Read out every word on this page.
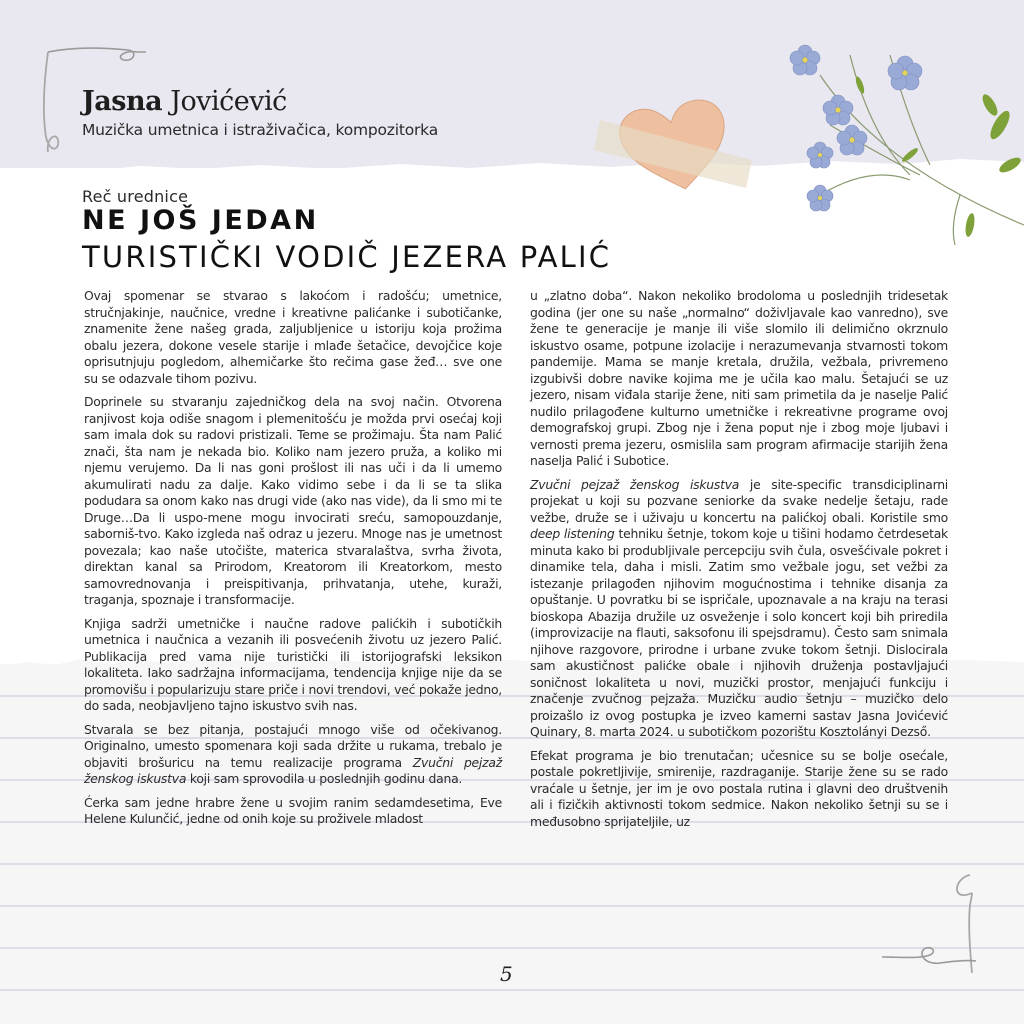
Jasna Jovićević
Muzička umetnica i istraživačica, kompozitorka
Reč urednice
NE JOŠ JEDAN
TURISTIČKI VODIČ JEZERA PALIĆ

Ovaj spomenar se stvarao s lakoćom i radošću; umetnice, stručnjakinje, naučnice, vredne i kreativne palićanke i subotičanke, znamenite žene našeg grada, zaljubljenice u istoriju koja prožima obalu jezera, dokone vesele starije i mlađe šetačice, devojčice koje oprisutnjuju pogledom, alhemičarke što rečima gase žeđ… sve one su se odazvale tihom pozivu.

Doprinele su stvaranju zajedničkog dela na svoj način. Otvorena ranjivost koja odiše snagom i plemenitošću je možda prvi osećaj koji sam imala dok su radovi pristizali. Teme se prožimaju. Šta nam Palić znači, šta nam je nekada bio. Koliko nam jezero pruža, a koliko mi njemu verujemo. Da li nas goni prošlost ili nas uči i da li umemo akumulirati nadu za dalje. Kako vidimo sebe i da li se ta slika podudara sa onom kako nas drugi vide (ako nas vide), da li smo mi te Druge…Da li uspo-mene mogu invocirati sreću, samopouzdanje, saborniš-tvo. Kako izgleda naš odraz u jezeru. Mnoge nas je umetnost povezala; kao naše utočište, materica stvaralaštva, svrha života, direktan kanal sa Prirodom, Kreatorom ili Kreatorkom, mesto samovrednovanja i preispitivanja, prihvatanja, utehe, kuraži, traganja, spoznaje i transformacije.

Knjiga sadrži umetničke i naučne radove palićkih i subotičkih umetnica i naučnica a vezanih ili posvećenih životu uz jezero Palić. Publikacija pred vama nije turistički ili istorijografski leksikon lokaliteta. Iako sadržajna informacijama, tendencija knjige nije da se promovišu i popularizuju stare priče i novi trendovi, već pokaže jedno, do sada, neobjavljeno tajno iskustvo svih nas.

Stvarala se bez pitanja, postajući mnogo više od očekivanog. Originalno, umesto spomenara koji sada držite u rukama, trebalo je objaviti brošuricu na temu realizacije programa Zvučni pejzaž ženskog iskustva koji sam sprovodila u poslednjih godinu dana.

Ćerka sam jedne hrabre žene u svojim ranim sedamdesetima, Eve Helene Kulunčić, jedne od onih koje su proživele mladost

u „zlatno doba“. Nakon nekoliko brodoloma u poslednjih tridesetak godina (jer one su naše „normalno“ doživljavale kao vanredno), sve žene te generacije je manje ili više slomilo ili delimično okrznulo iskustvo osame, potpune izolacije i nerazumevanja stvarnosti tokom pandemije. Mama se manje kretala, družila, vežbala, privremeno izgubivši dobre navike kojima me je učila kao malu. Šetajući se uz jezero, nisam viđala starije žene, niti sam primetila da je naselje Palić nudilo prilagođene kulturno umetničke i rekreativne programe ovoj demografskoj grupi. Zbog nje i žena poput nje i zbog moje ljubavi i vernosti prema jezeru, osmislila sam program afirmacije starijih žena naselja Palić i Subotice.

Zvučni pejzaž ženskog iskustva je site-specific transdiciplinarni projekat u koji su pozvane seniorke da svake nedelje šetaju, rade vežbe, druže se i uživaju u koncertu na palićkoj obali. Koristile smo deep listening tehniku šetnje, tokom koje u tišini hodamo četrdesetak minuta kako bi produbljivale percepciju svih čula, osvešćivale pokret i dinamike tela, daha i misli. Zatim smo vežbale jogu, set vežbi za istezanje prilagođen njihovim mogućnostima i tehnike disanja za opuštanje. U povratku bi se ispričale, upoznavale a na kraju na terasi bioskopa Abazija družile uz osveženje i solo koncert koji bih priredila (improvizacije na flauti, saksofonu ili spejsdramu). Često sam snimala njihove razgovore, prirodne i urbane zvuke tokom šetnji. Dislocirala sam akustičnost palićke obale i njihovih druženja postavljajući soničnost lokaliteta u novi, muzički prostor, menjajući funkciju i značenje zvučnog pejzaža. Muzičku audio šetnju – muzičko delo proizašlo iz ovog postupka je izveo kamerni sastav Jasna Jovićević Quinary, 8. marta 2024. u subotičkom pozorištu Kosztolányi Dezső.

Efekat programa je bio trenutačan; učesnice su se bolje osećale, postale pokretljivije, smirenije, razdraganije. Starije žene su se rado vraćale u šetnje, jer im je ovo postala rutina i glavni deo društvenih ali i fizičkih aktivnosti tokom sedmice. Nakon nekoliko šetnji su se i međusobno sprijateljile, uz

5
